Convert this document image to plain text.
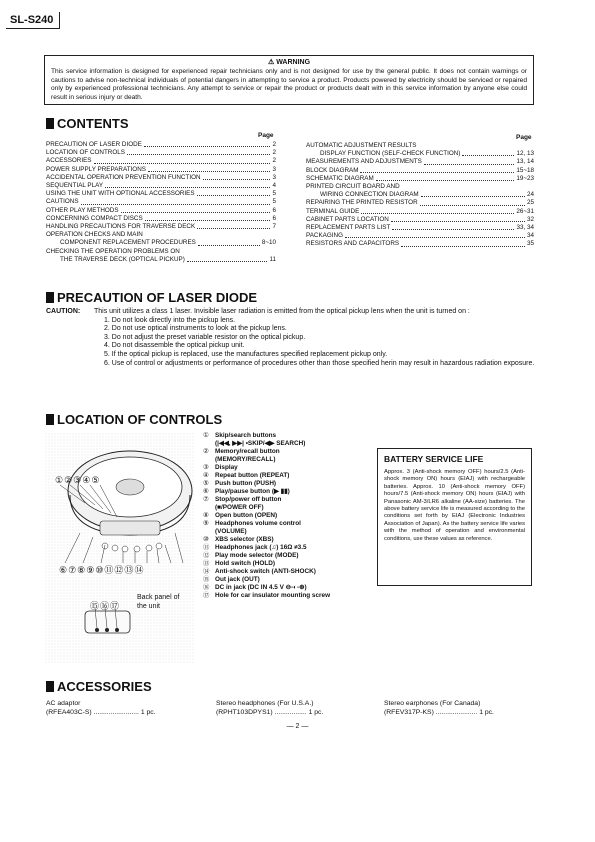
SL-S240
⚠ WARNING
This service information is designed for experienced repair technicians only and is not designed for use by the general public. It does not contain warnings or cautions to advise non-technical individuals of potential dangers in attempting to service a product. Products powered by electricity should be serviced or repaired only by experienced professional technicians. Any attempt to service or repair the product or products dealt with in this service information by anyone else could result in serious injury or death.
CONTENTS
Page	Page
PRECAUTION OF LASER DIODE	2
LOCATION OF CONTROLS	2
ACCESSORIES	2
POWER SUPPLY PREPARATIONS	3
ACCIDENTAL OPERATION PREVENTION FUNCTION	3
SEQUENTIAL PLAY	4
USING THE UNIT WITH OPTIONAL ACCESSORIES	5
CAUTIONS	5
OTHER PLAY METHODS	6
CONCERNING COMPACT DISCS	6
HANDLING PRECAUTIONS FOR TRAVERSE DECK	7
OPERATION CHECKS AND MAIN
COMPONENT REPLACEMENT PROCEDURES	8~10
CHECKING THE OPERATION PROBLEMS ON
THE TRAVERSE DECK (OPTICAL PICKUP)	11
AUTOMATIC ADJUSTMENT RESULTS
DISPLAY FUNCTION (SELF-CHECK FUNCTION)	12, 13
MEASUREMENTS AND ADJUSTMENTS	13, 14
BLOCK DIAGRAM	15~18
SCHEMATIC DIAGRAM	19~23
PRINTED CIRCUIT BOARD AND
WIRING CONNECTION DIAGRAM	24
REPAIRING THE PRINTED RESISTOR	25
TERMINAL GUIDE	26~31
CABINET PARTS LOCATION	32
REPLACEMENT PARTS LIST	33, 34
PACKAGING	34
RESISTORS AND CAPACITORS	35
PRECAUTION OF LASER DIODE
CAUTION: This unit utilizes a class 1 laser. Invisible laser radiation is emitted from the optical pickup lens when the unit is turned on :
1. Do not look directly into the pickup lens.
2. Do not use optical instruments to look at the pickup lens.
3. Do not adjust the preset variable resistor on the optical pickup.
4. Do not disassemble the optical pickup unit.
5. If the optical pickup is replaced, use the manufactures specified replacement pickup only.
6. Use of control or adjustments or performance of procedures other than those specified herin may result in hazardous radiation exposure.
LOCATION OF CONTROLS
①②③④⑤
⑥⑦⑧⑨⑩⑪⑫⑬⑭
⑮⑯⑰
Back panel of the unit
① Skip/search buttons
(|◀◀, ▶▶| •SKIP/◀▶ SEARCH)
② Memory/recall button
(MEMORY/RECALL)
③ Display
④ Repeat button (REPEAT)
⑤ Push button (PUSH)
⑥ Play/pause button (▶ ▮▮)
⑦ Stop/power off button
(■/POWER OFF)
⑧ Open button (OPEN)
⑨ Headphones volume control
(VOLUME)
⑩ XBS selector (XBS)
⑪ Headphones jack (♫) 16Ω ≠3.5
⑫ Play mode selector (MODE)
⑬ Hold switch (HOLD)
⑭ Anti-shock switch (ANTI-SHOCK)
⑮ Out jack (OUT)
⑯ DC in jack (DC IN 4.5 V ⊖-◐-⊕)
⑰ Hole for car insulator mounting screw
BATTERY SERVICE LIFE
Approx. 3 (Anti-shock memory OFF) hours/2.5 (Anti-shock memory ON) hours (EIAJ) with rechargeable batteries. Approx. 10 (Anti-shock memory OFF) hours/7.5 (Anti-shock memory ON) hours (EIAJ) with Panasonic AM-3/LR6 alkaline (AA-size) batteries. The above battery service life is measured according to the conditions set forth by EIAJ (Electronic Industries Association of Japan). As the battery service life varies with the method of operation and environmental conditions, use these values as reference.
ACCESSORIES
AC adaptor
(RFEA403C-S) ........................ 1 pc.
Stereo headphones (For U.S.A.)
(RPHT103DPYS1) ................. 1 pc.
Stereo earphones (For Canada)
(RFEV317P-KS) ...................... 1 pc.
— 2 —
